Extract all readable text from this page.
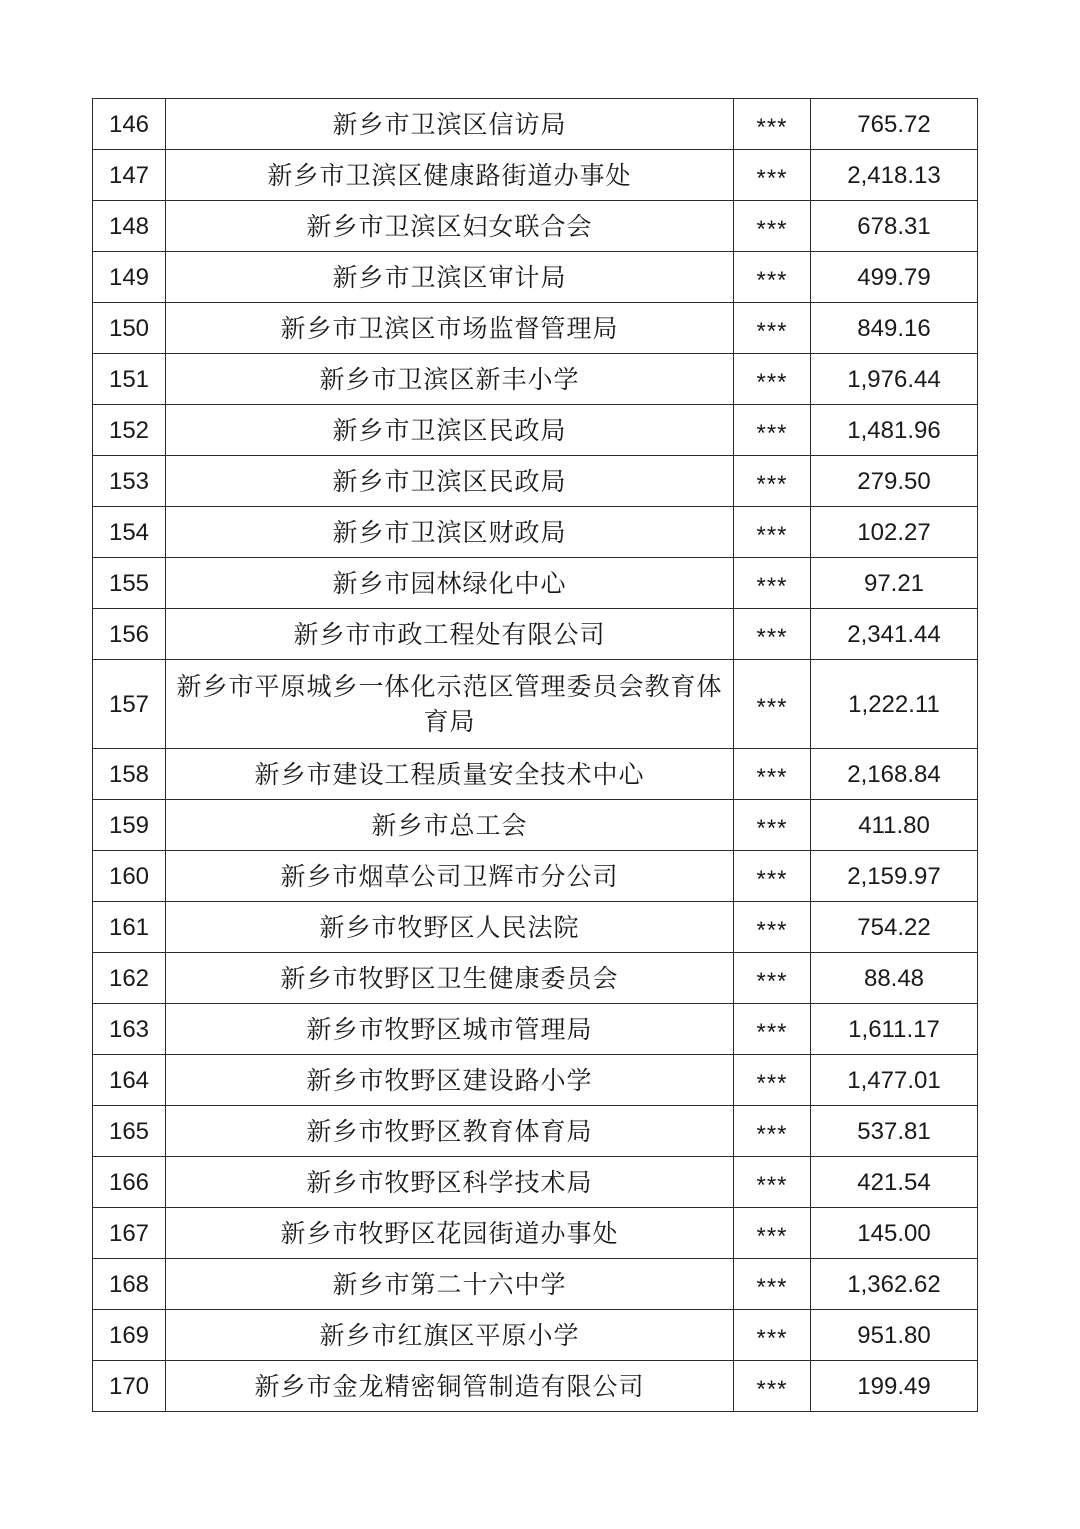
146	新乡市卫滨区信访局	***	765.72
147	新乡市卫滨区健康路街道办事处	***	2,418.13
148	新乡市卫滨区妇女联合会	***	678.31
149	新乡市卫滨区审计局	***	499.79
150	新乡市卫滨区市场监督管理局	***	849.16
151	新乡市卫滨区新丰小学	***	1,976.44
152	新乡市卫滨区民政局	***	1,481.96
153	新乡市卫滨区民政局	***	279.50
154	新乡市卫滨区财政局	***	102.27
155	新乡市园林绿化中心	***	97.21
156	新乡市市政工程处有限公司	***	2,341.44
157	新乡市平原城乡一体化示范区管理委员会教育体育局	***	1,222.11
158	新乡市建设工程质量安全技术中心	***	2,168.84
159	新乡市总工会	***	411.80
160	新乡市烟草公司卫辉市分公司	***	2,159.97
161	新乡市牧野区人民法院	***	754.22
162	新乡市牧野区卫生健康委员会	***	88.48
163	新乡市牧野区城市管理局	***	1,611.17
164	新乡市牧野区建设路小学	***	1,477.01
165	新乡市牧野区教育体育局	***	537.81
166	新乡市牧野区科学技术局	***	421.54
167	新乡市牧野区花园街道办事处	***	145.00
168	新乡市第二十六中学	***	1,362.62
169	新乡市红旗区平原小学	***	951.80
170	新乡市金龙精密铜管制造有限公司	***	199.49
